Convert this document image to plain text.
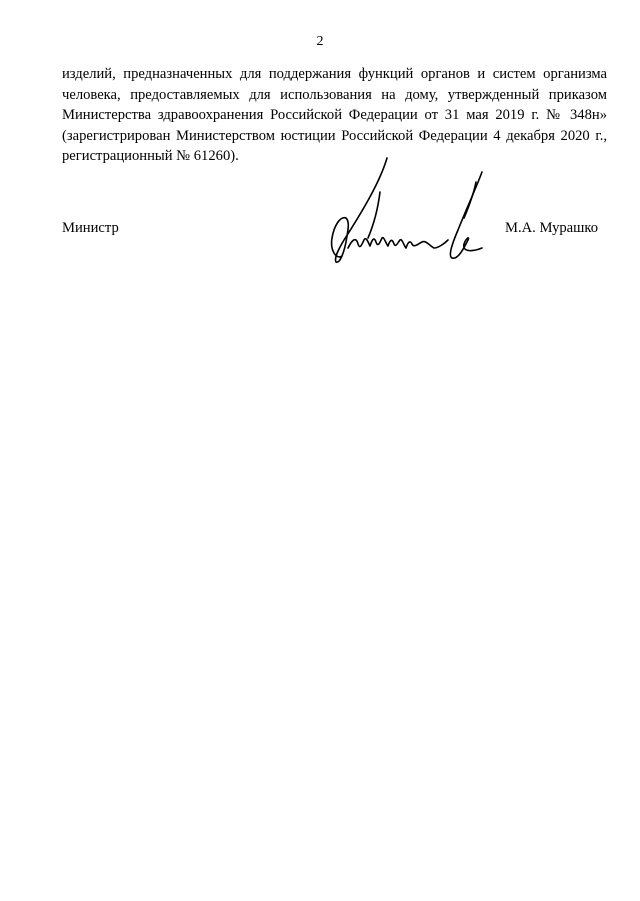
2
изделий, предназначенных для поддержания функций органов и систем организма
человека, предоставляемых для использования на дому, утвержденный приказом
Министерства здравоохранения Российской Федерации от 31 мая 2019 г. № 348н»
(зарегистрирован Министерством юстиции Российской Федерации 4 декабря 2020 г.,
регистрационный № 61260).
Министр	М.А. Мурашко
